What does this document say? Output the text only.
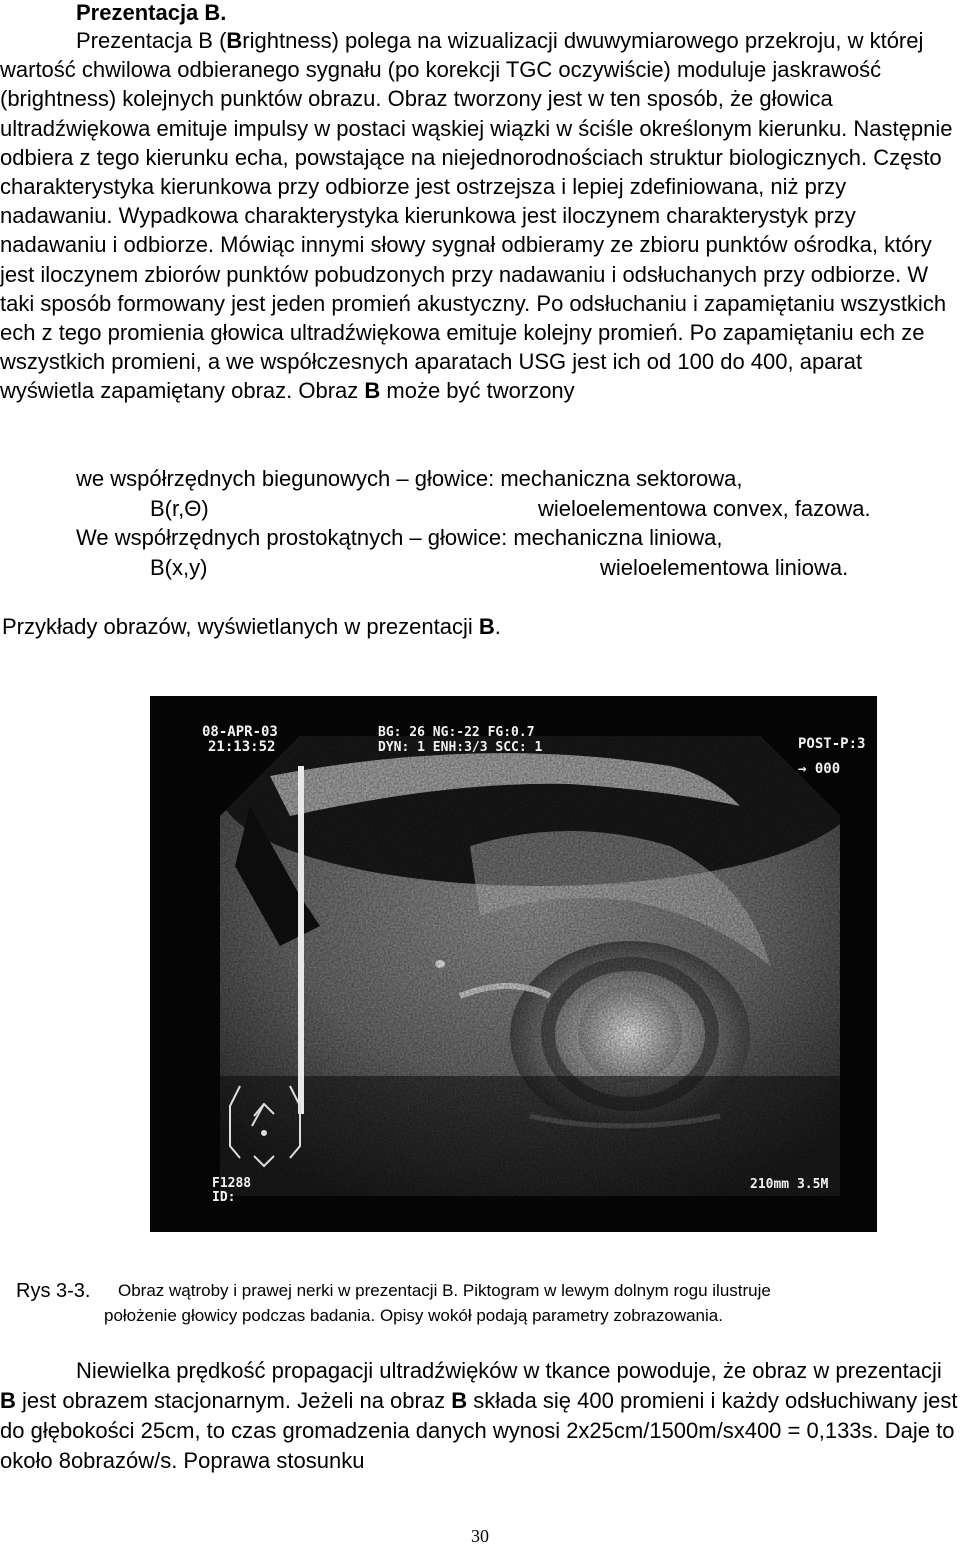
Prezentacja B.
Prezentacja B (Brightness) polega na wizualizacji dwuwymiarowego przekroju, w której wartość chwilowa odbieranego sygnału (po korekcji TGC oczywiście) moduluje jaskrawość (brightness) kolejnych punktów obrazu. Obraz tworzony jest w ten sposób, że głowica ultradźwiękowa emituje impulsy w postaci wąskiej wiązki w ściśle określonym kierunku. Następnie odbiera z tego kierunku echa, powstające na niejednorodnościach struktur biologicznych. Często charakterystyka kierunkowa przy odbiorze jest ostrzejsza i lepiej zdefiniowana, niż przy nadawaniu. Wypadkowa charakterystyka kierunkowa jest iloczynem charakterystyk przy nadawaniu i odbiorze. Mówiąc innymi słowy sygnał odbieramy ze zbioru punktów ośrodka, który jest iloczynem zbiorów punktów pobudzonych przy nadawaniu i odsłuchanych przy odbiorze. W taki sposób formowany jest jeden promień akustyczny. Po odsłuchaniu i zapamiętaniu wszystkich ech z tego promienia głowica ultradźwiękowa emituje kolejny promień. Po zapamiętaniu ech ze wszystkich promieni, a we współczesnych aparatach USG jest ich od 100 do 400, aparat wyświetla zapamiętany obraz. Obraz B może być tworzony
we współrzędnych biegunowych – głowice: mechaniczna sektorowa,
B(r,Θ)	wieloelementowa convex, fazowa.
We współrzędnych prostokątnych – głowice: mechaniczna liniowa,
B(x,y)	wieloelementowa liniowa.
Przykłady obrazów, wyświetlanych w prezentacji B.
08-APR-03
21:13:52
BG: 26 NG:-22 FG:0.7
DYN: 1 ENH:3/3 SCC: 1	POST-P:3
→ 000
F1288
ID:
210mm 3.5M
Rys 3-3. Obraz wątroby i prawej nerki w prezentacji B. Piktogram w lewym dolnym rogu ilustruje
położenie głowicy podczas badania. Opisy wokół podają parametry zobrazowania.
Niewielka prędkość propagacji ultradźwięków w tkance powoduje, że obraz w prezentacji B jest obrazem stacjonarnym. Jeżeli na obraz B składa się 400 promieni i każdy odsłuchiwany jest do głębokości 25cm, to czas gromadzenia danych wynosi 2x25cm/1500m/sx400 = 0,133s. Daje to około 8obrazów/s. Poprawa stosunku
30
